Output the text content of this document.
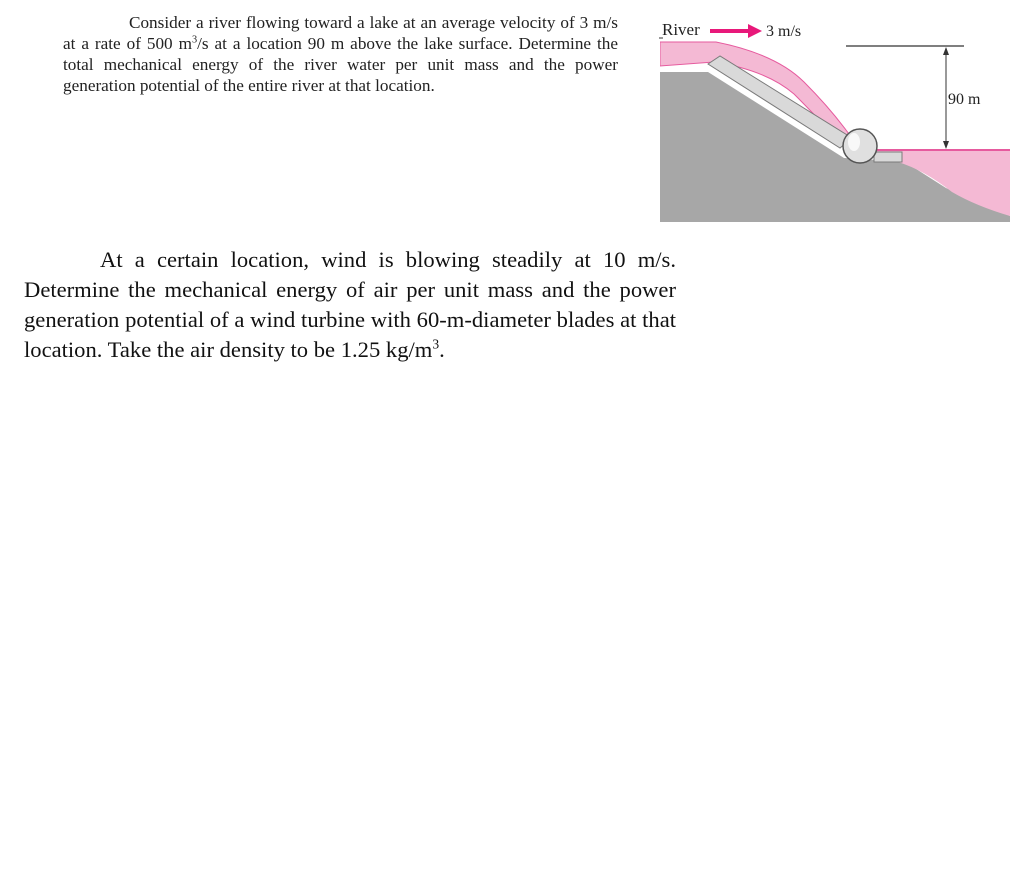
Consider a river flowing toward a lake at an average velocity of 3 m/s at a rate of 500 $m^3/s$ at a location 90 m above the lake surface. Determine the total mechanical energy of the river water per unit mass and the power generation potential of the entire river at that location.

River	3 m/s
90 m

At a certain location, wind is blowing steadily at 10 m/s. Determine the mechanical energy of air per unit mass and the power generation potential of a wind turbine with 60-m-diameter blades at that location. Take the air density to be 1.25 $kg/m^3$.
